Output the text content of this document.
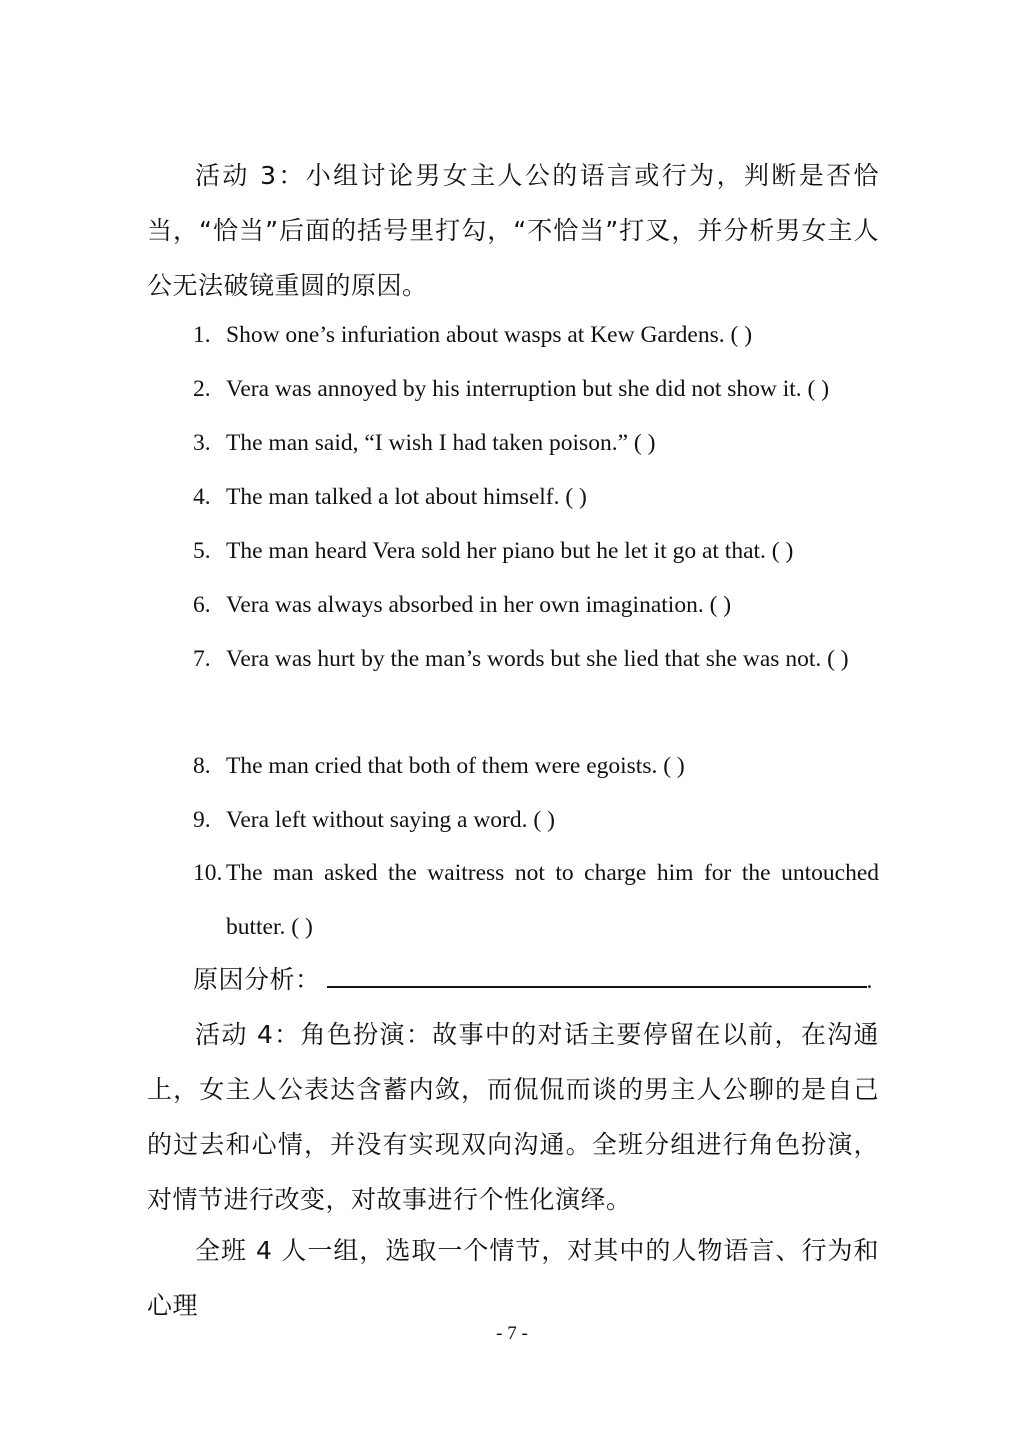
活动 3：小组讨论男女主人公的语言或行为，判断是否恰当，“恰当”后面的括号里打勾，“不恰当”打叉，并分析男女主人公无法破镜重圆的原因。

1. Show one’s infuriation about wasps at Kew Gardens. ( )
2. Vera was annoyed by his interruption but she did not show it. ( )
3. The man said, “I wish I had taken poison.” ( )
4. The man talked a lot about himself. ( )
5. The man heard Vera sold her piano but he let it go at that. ( )
6. Vera was always absorbed in her own imagination. ( )
7. Vera was hurt by the man’s words but she lied that she was not. ( )
8. The man cried that both of them were egoists. ( )
9. Vera left without saying a word. ( )
10. The man asked the waitress not to charge him for the untouched butter. ( )
原因分析：	.

活动 4：角色扮演：故事中的对话主要停留在以前，在沟通上，女主人公表达含蓄内敛，而侃侃而谈的男主人公聊的是自己的过去和心情，并没有实现双向沟通。全班分组进行角色扮演，对情节进行改变，对故事进行个性化演绎。

全班 4 人一组，选取一个情节，对其中的人物语言、行为和心理

- 7 -
